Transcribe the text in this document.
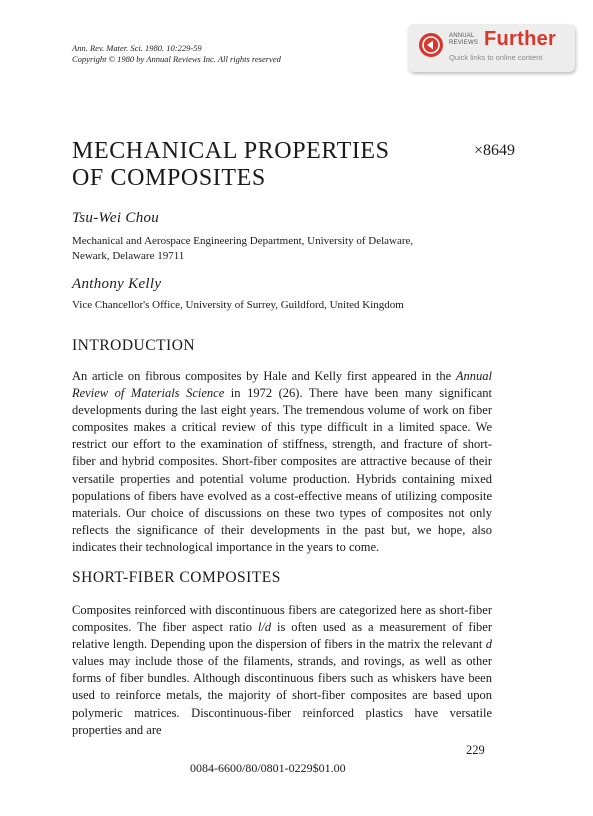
Ann. Rev. Mater. Sci. 1980. 10:229-59
Copyright © 1980 by Annual Reviews Inc. All rights reserved
ANNUAL
REVIEWS Further
Quick links to online content
MECHANICAL PROPERTIES
OF COMPOSITES
×8649
Tsu-Wei Chou
Mechanical and Aerospace Engineering Department, University of Delaware,
Newark, Delaware 19711
Anthony Kelly
Vice Chancellor's Office, University of Surrey, Guildford, United Kingdom
INTRODUCTION

An article on fibrous composites by Hale and Kelly first appeared in the Annual Review of Materials Science in 1972 (26). There have been many significant developments during the last eight years. The tremendous volume of work on fiber composites makes a critical review of this type difficult in a limited space. We restrict our effort to the examination of stiffness, strength, and fracture of short-fiber and hybrid composites. Short-fiber composites are attractive because of their versatile properties and potential volume production. Hybrids containing mixed populations of fibers have evolved as a cost-effective means of utilizing composite materials. Our choice of discussions on these two types of composites not only reflects the significance of their developments in the past but, we hope, also indicates their technological importance in the years to come.

SHORT-FIBER COMPOSITES

Composites reinforced with discontinuous fibers are categorized here as short-fiber composites. The fiber aspect ratio l/d is often used as a measurement of fiber relative length. Depending upon the dispersion of fibers in the matrix the relevant d values may include those of the filaments, strands, and rovings, as well as other forms of fiber bundles. Although discontinuous fibers such as whiskers have been used to reinforce metals, the majority of short-fiber composites are based upon polymeric matrices. Discontinuous-fiber reinforced plastics have versatile properties and are

229
0084-6600/80/0801-0229$01.00
